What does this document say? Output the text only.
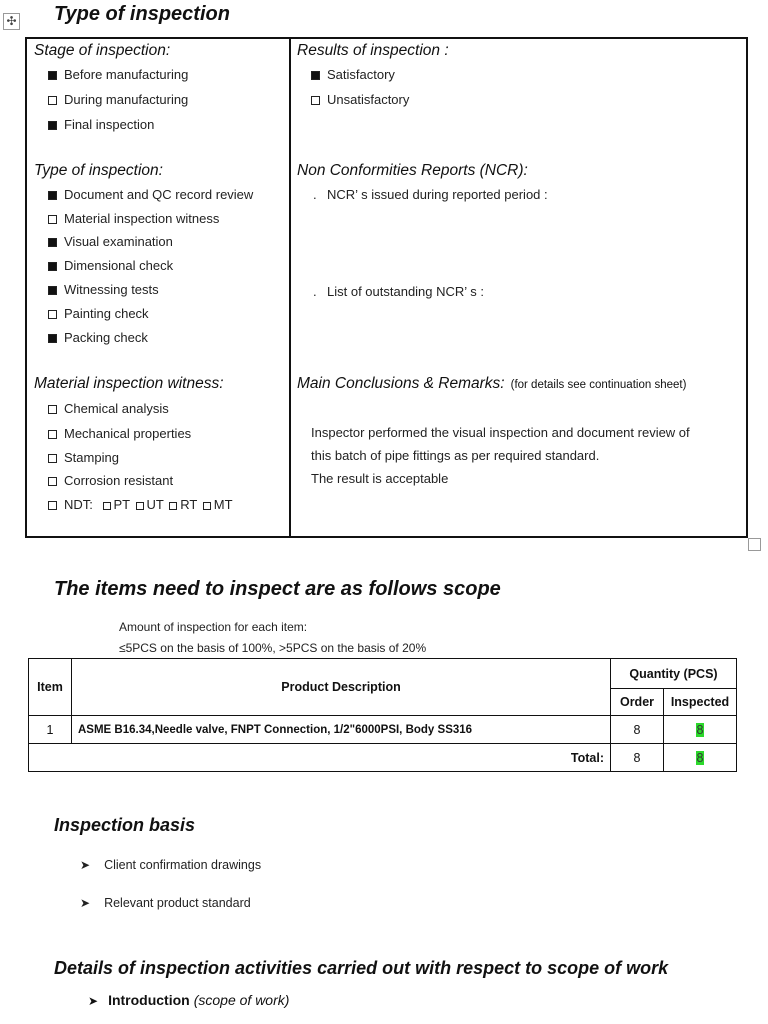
✣ Type of inspection
Stage of inspection:
Before manufacturing
During manufacturing
Final inspection
Type of inspection:
Document and QC record review
Material inspection witness
Visual examination
Dimensional check
Witnessing tests
Painting check
Packing check
Material inspection witness:
Chemical analysis
Mechanical properties
Stamping
Corrosion resistant
NDT: PT UT RT MT
Results of inspection :
Satisfactory
Unsatisfactory
Non Conformities Reports (NCR):
. NCR’ s issued during reported period :
. List of outstanding NCR’ s :
Main Conclusions & Remarks: (for details see continuation sheet)
Inspector performed the visual inspection and document review of
this batch of pipe fittings as per required standard.
The result is acceptable
The items need to inspect are as follows scope
Amount of inspection for each item:
≤5PCS on the basis of 100%, >5PCS on the basis of 20%
Item	Product Description	Quantity (PCS)	
		Order	Inspected
1	ASME B16.34,Needle valve, FNPT Connection, 1/2"6000PSI, Body SS316	8	8
Total:		8	8
Inspection basis
➤ Client confirmation drawings
➤ Relevant product standard
Details of inspection activities carried out with respect to scope of work
➤ Introduction (scope of work)
